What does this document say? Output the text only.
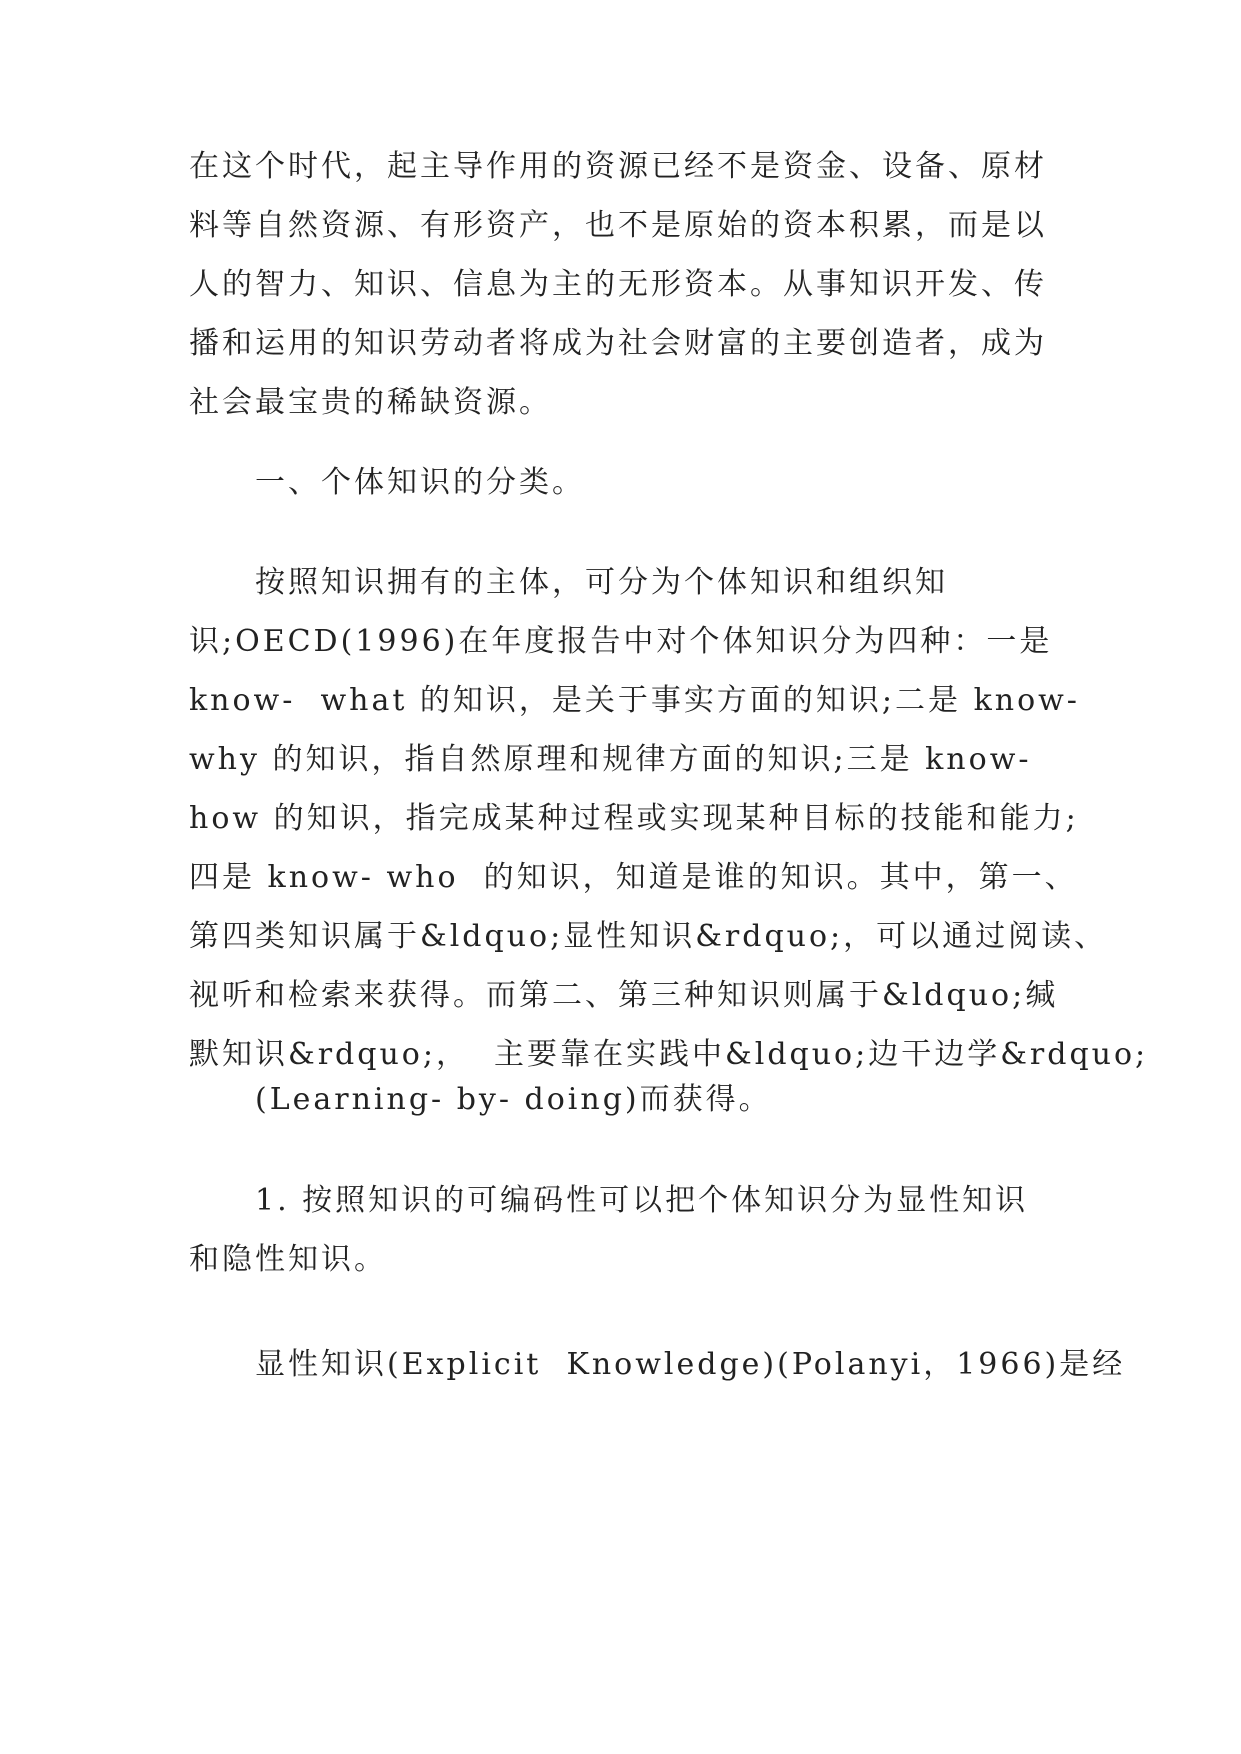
在这个时代，起主导作用的资源已经不是资金、设备、原材
料等自然资源、有形资产，也不是原始的资本积累，而是以
人的智力、知识、信息为主的无形资本。从事知识开发、传
播和运用的知识劳动者将成为社会财富的主要创造者，成为
社会最宝贵的稀缺资源。
一、个体知识的分类。
按照知识拥有的主体，可分为个体知识和组织知
识;OECD(1996)在年度报告中对个体知识分为四种：一是
know-  what 的知识，是关于事实方面的知识;二是 know-
why 的知识，指自然原理和规律方面的知识;三是 know-
how 的知识，指完成某种过程或实现某种目标的技能和能力;
四是 know- who  的知识，知道是谁的知识。其中，第一、
第四类知识属于&ldquo;显性知识&rdquo;，可以通过阅读、
视听和检索来获得。而第二、第三种知识则属于&ldquo;缄
默知识&rdquo;，  主要靠在实践中&ldquo;边干边学&rdquo;
(Learning- by- doing)而获得。
1. 按照知识的可编码性可以把个体知识分为显性知识
和隐性知识。
显性知识(Explicit  Knowledge)(Polanyi，1966)是经
